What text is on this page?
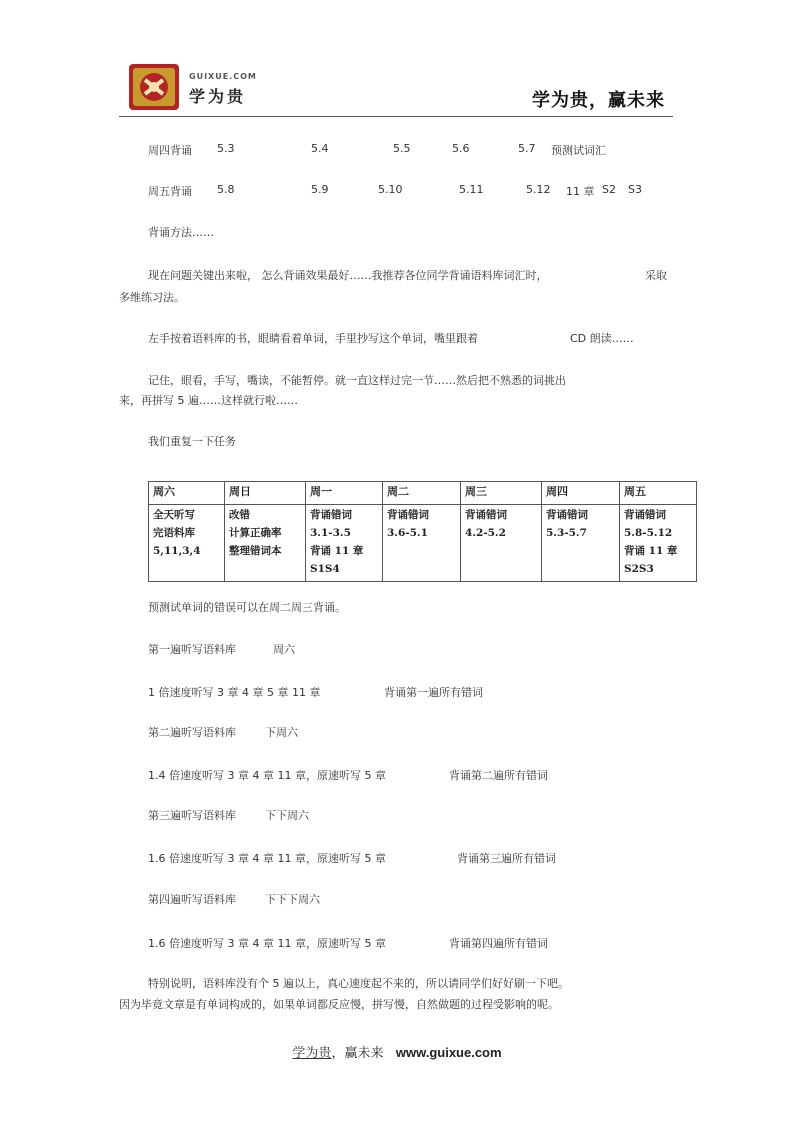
GUIXUE.COM
学为贵	学为贵，赢未来
周四背诵 5.3	5.4	5.5	5.6	5.7 预测试词汇
周五背诵 5.8	5.9	5.10	5.11	5.12 11 章 S2 S3
背诵方法……
现在问题关键出来啦， 怎么背诵效果最好……我推荐各位同学背诵语料库词汇时，	采取
多维练习法。
左手按着语料库的书，眼睛看着单词，手里抄写这个单词，嘴里跟着	CD 朗读……
记住，眼看，手写，嘴读，不能暂停。就一直这样过完一节……然后把不熟悉的词挑出
来，再拼写 5 遍……这样就行啦……
我们重复一下任务
周六	周日	周一	周二	周三	周四	周五

全天听写
完语料库
5,11,3,4	改错
计算正确率
整理错词本	背诵错词
3.1-3.5
背诵 11 章
S1S4	背诵错词
3.6-5.1	背诵错词
4.2-5.2	背诵错词
5.3-5.7	背诵错词
5.8-5.12
背诵 11 章
S2S3
预测试单词的错误可以在周二周三背诵。
第一遍听写语料库	周六
1 倍速度听写 3 章 4 章 5 章 11 章	背诵第一遍所有错词
第二遍听写语料库	下周六
1.4 倍速度听写 3 章 4 章 11 章，原速听写 5 章	背诵第二遍所有错词
第三遍听写语料库	下下周六
1.6 倍速度听写 3 章 4 章 11 章，原速听写 5 章	背诵第三遍所有错词
第四遍听写语料库	下下下周六
1.6 倍速度听写 3 章 4 章 11 章，原速听写 5 章	背诵第四遍所有错词
特别说明，语料库没有个 5 遍以上，真心速度起不来的，所以请同学们好好刷一下吧。
因为毕竟文章是有单词构成的，如果单词都反应慢，拼写慢，自然做题的过程受影响的呢。
学为贵，赢未来 www.guixue.com
